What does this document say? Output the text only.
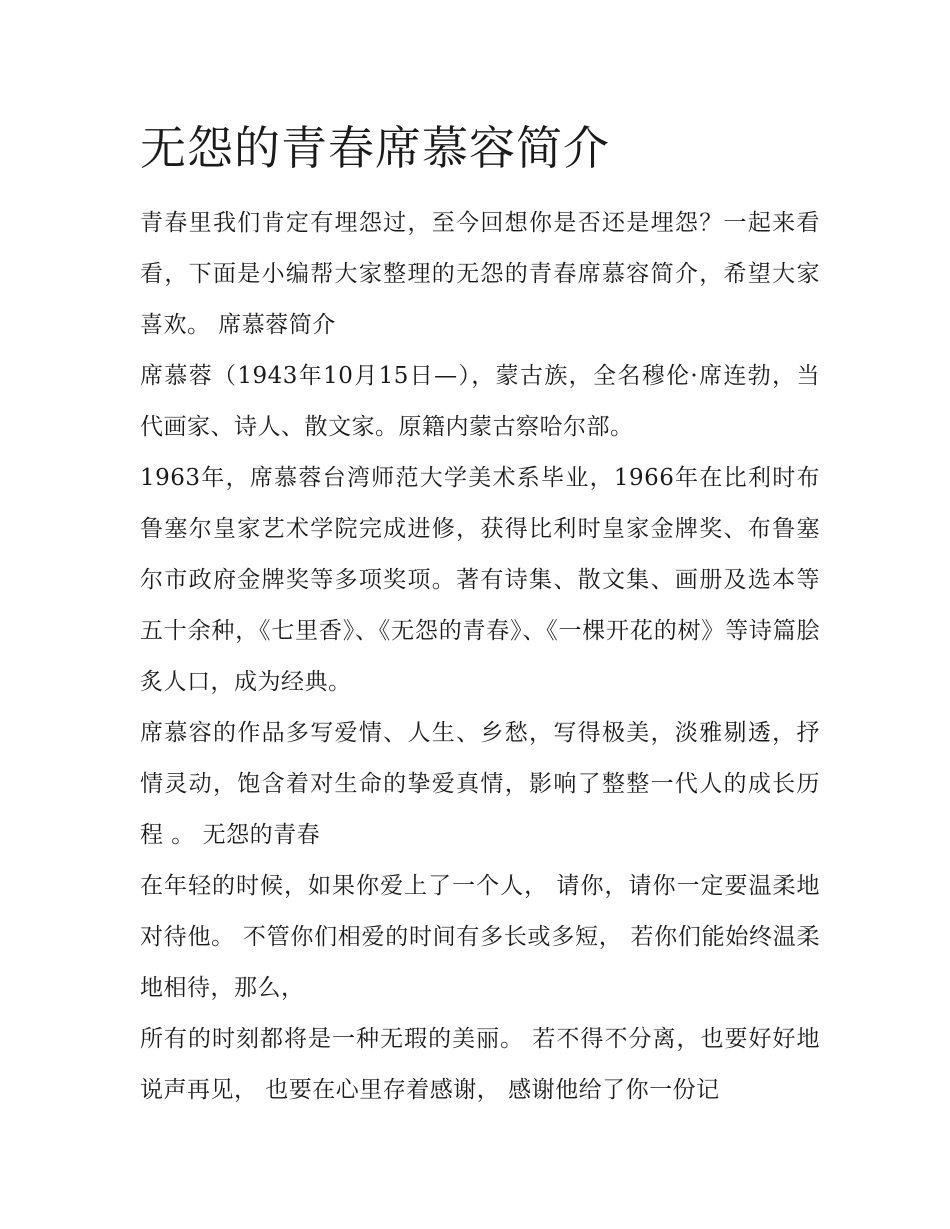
无怨的青春席慕容简介

青春里我们肯定有埋怨过，至今回想你是否还是埋怨？一起来看看，下面是小编帮大家整理的无怨的青春席慕容简介，希望大家喜欢。 席慕蓉简介

席慕蓉（1943年10月15日—），蒙古族，全名穆伦·席连勃，当代画家、诗人、散文家。原籍内蒙古察哈尔部。

1963年，席慕蓉台湾师范大学美术系毕业，1966年在比利时布鲁塞尔皇家艺术学院完成进修，获得比利时皇家金牌奖、布鲁塞尔市政府金牌奖等多项奖项。著有诗集、散文集、画册及选本等五十余种，《七里香》、《无怨的青春》、《一棵开花的树》等诗篇脍炙人口，成为经典。

席慕容的作品多写爱情、人生、乡愁，写得极美，淡雅剔透，抒情灵动，饱含着对生命的挚爱真情，影响了整整一代人的成长历程 。 无怨的青春

在年轻的时候，如果你爱上了一个人， 请你，请你一定要温柔地对待他。 不管你们相爱的时间有多长或多短， 若你们能始终温柔地相待，那么，

所有的时刻都将是一种无瑕的美丽。 若不得不分离，也要好好地说声再见， 也要在心里存着感谢， 感谢他给了你一份记
